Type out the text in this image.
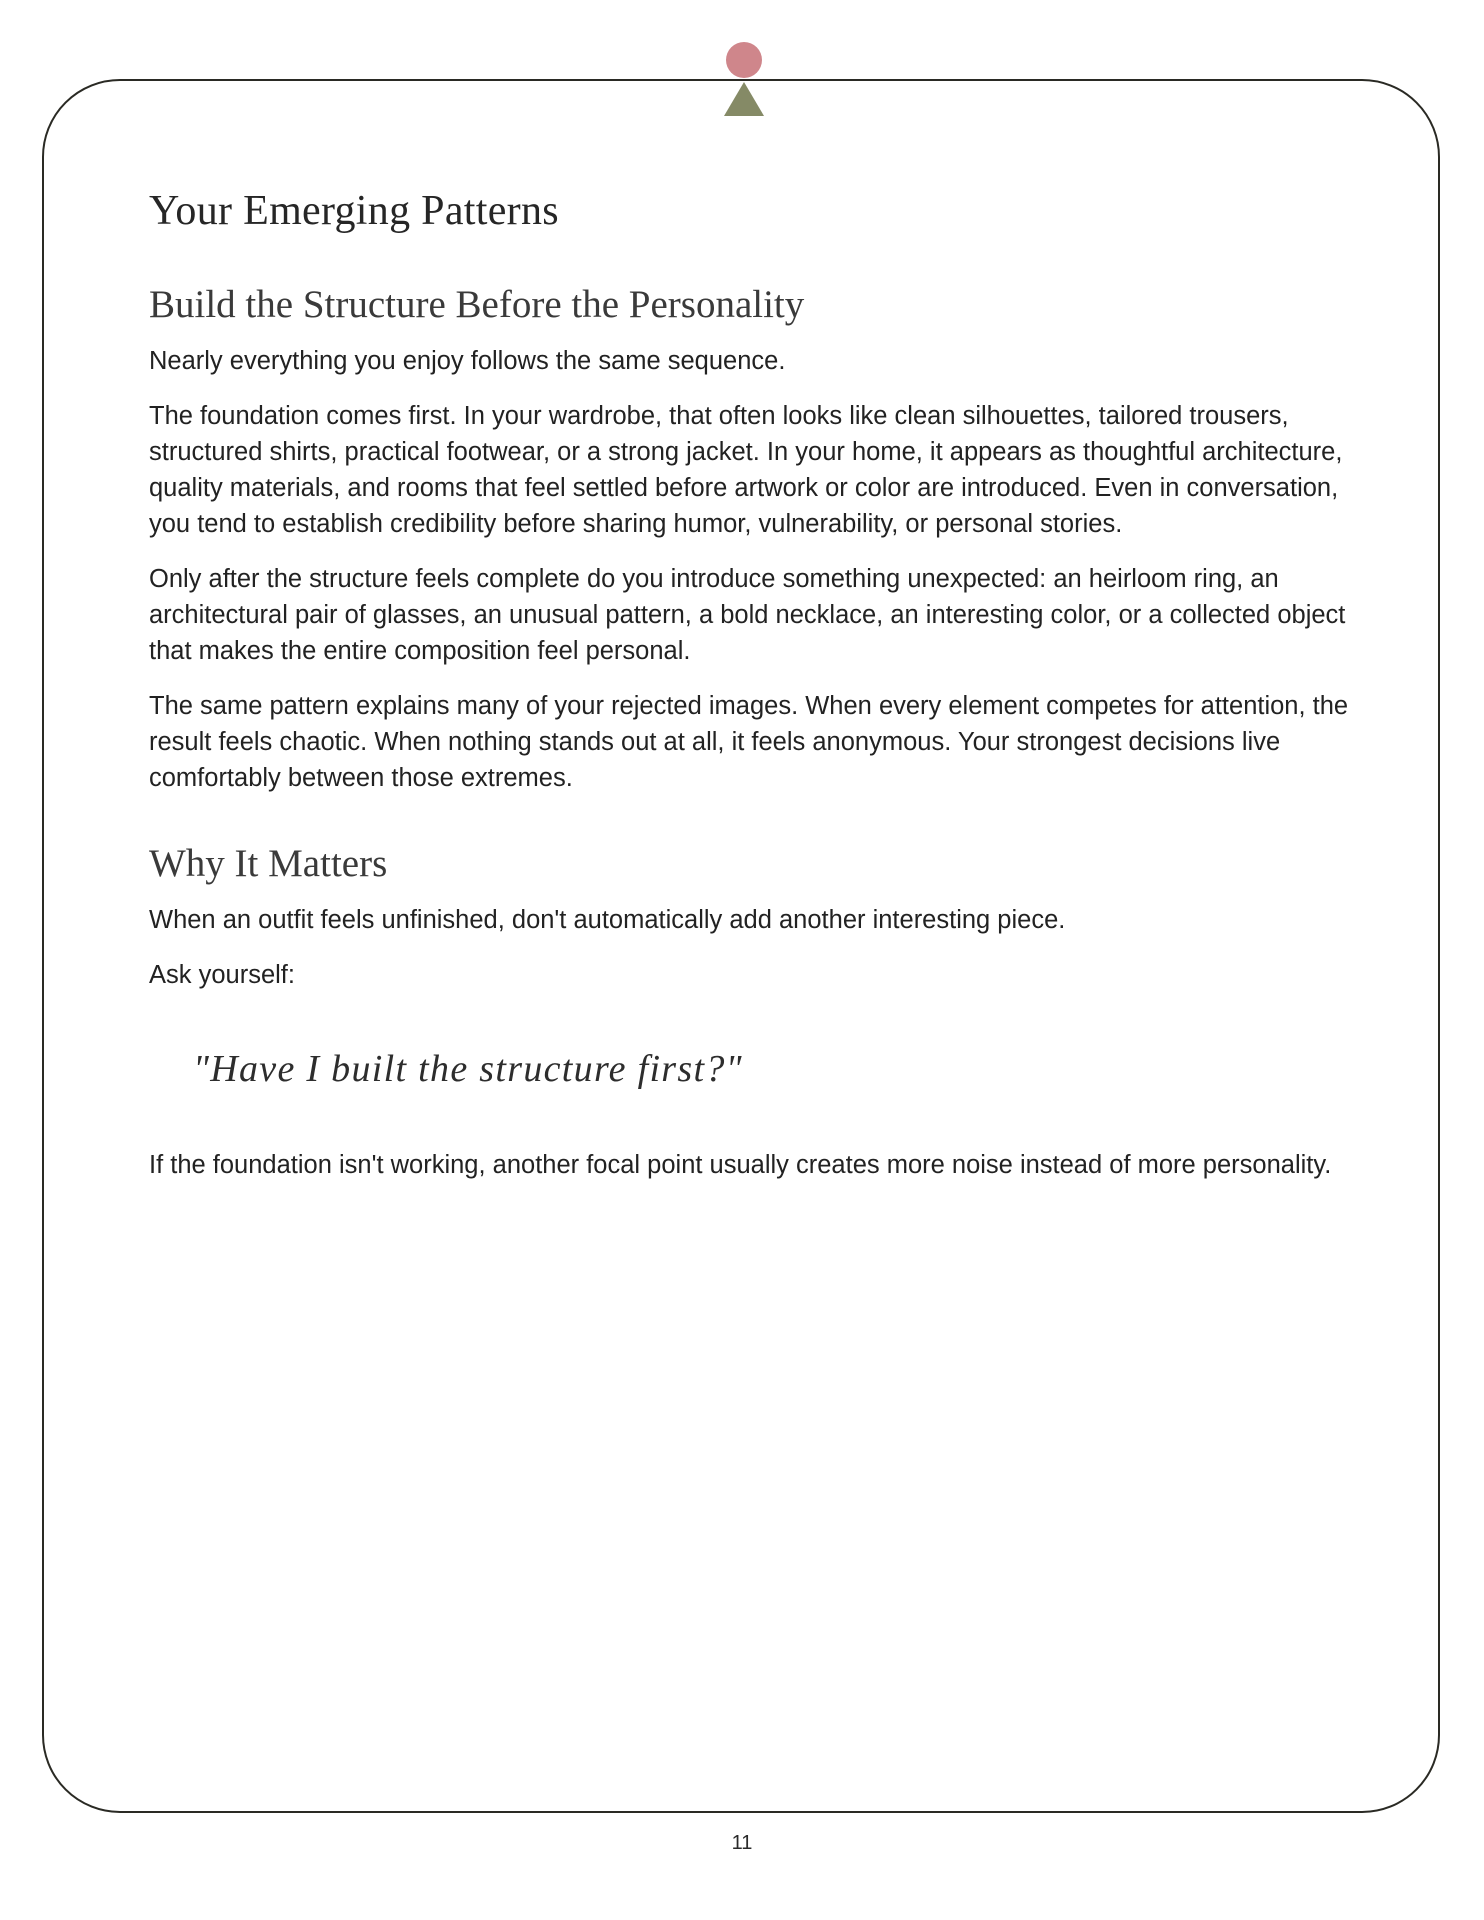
Your Emerging Patterns
Build the Structure Before the Personality

Nearly everything you enjoy follows the same sequence.

The foundation comes first. In your wardrobe, that often looks like clean silhouettes, tailored trousers, structured shirts, practical footwear, or a strong jacket. In your home, it appears as thoughtful architecture, quality materials, and rooms that feel settled before artwork or color are introduced. Even in conversation, you tend to establish credibility before sharing humor, vulnerability, or personal stories.

Only after the structure feels complete do you introduce something unexpected: an heirloom ring, an architectural pair of glasses, an unusual pattern, a bold necklace, an interesting color, or a collected object that makes the entire composition feel personal.

The same pattern explains many of your rejected images. When every element competes for attention, the result feels chaotic. When nothing stands out at all, it feels anonymous. Your strongest decisions live comfortably between those extremes.

Why It Matters

When an outfit feels unfinished, don't automatically add another interesting piece.

Ask yourself:

"Have I built the structure first?"

If the foundation isn't working, another focal point usually creates more noise instead of more personality.

11
